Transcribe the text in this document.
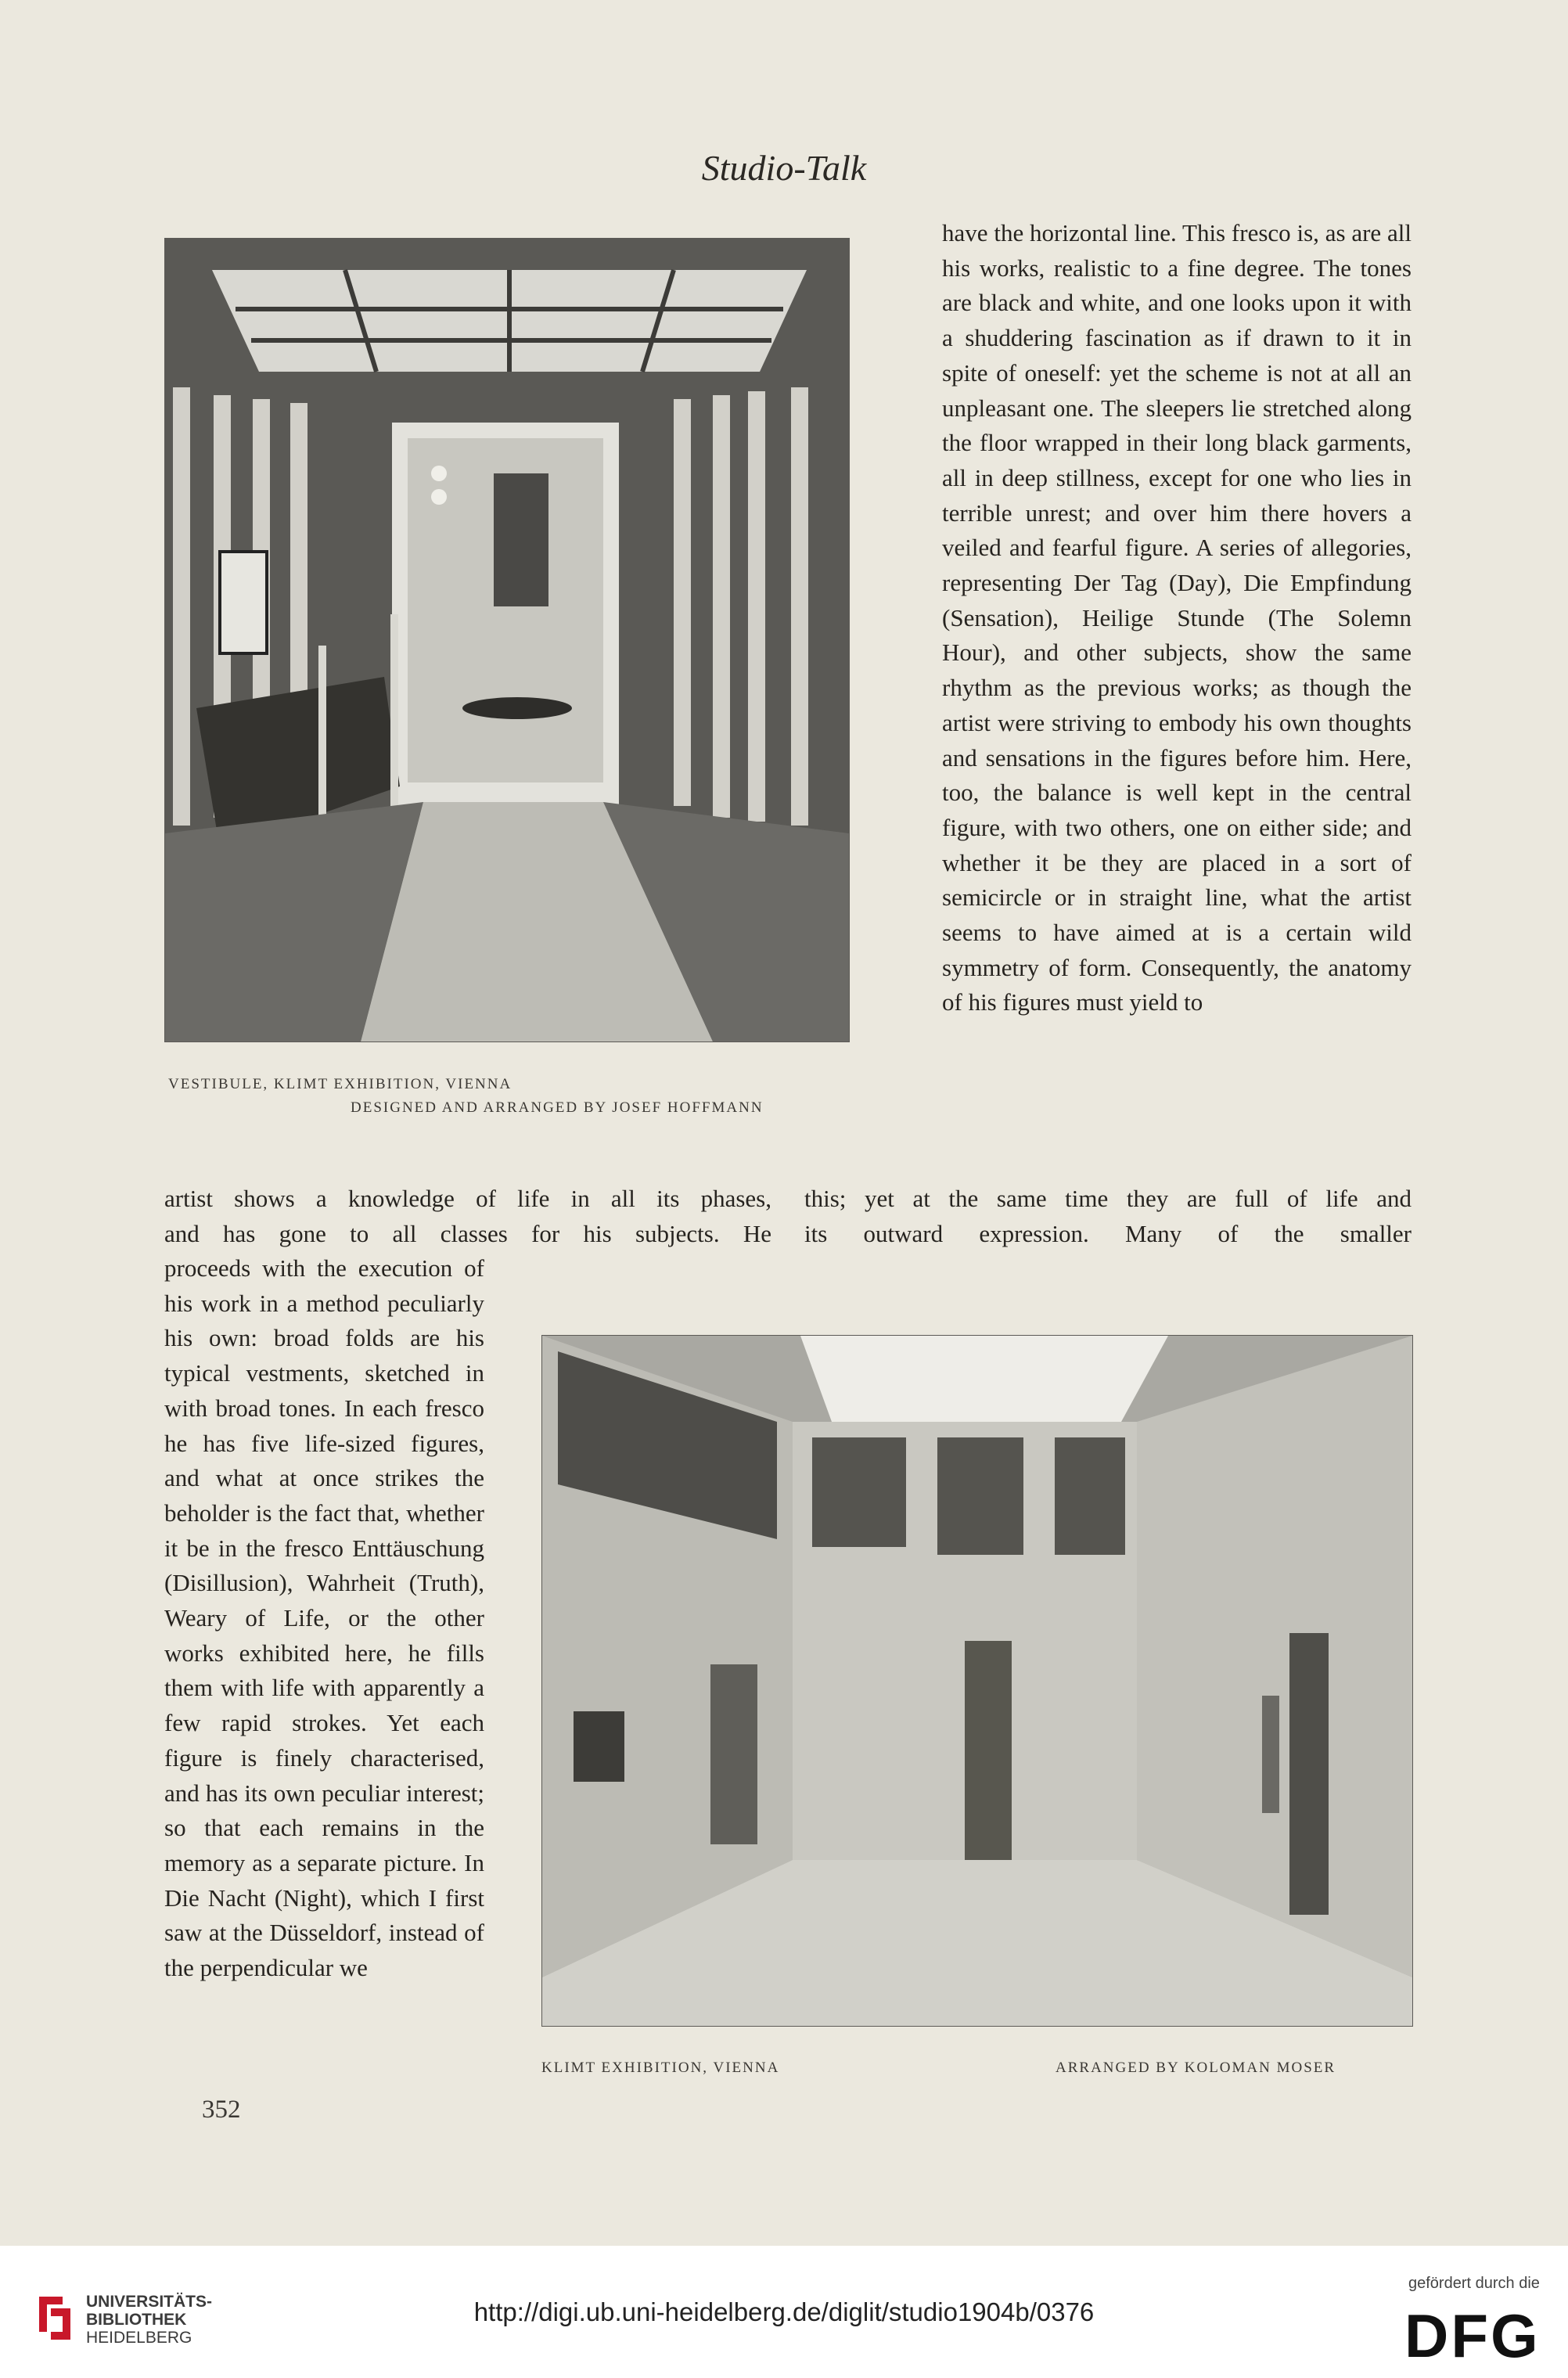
Studio-Talk
VESTIBULE, KLIMT EXHIBITION, VIENNA
DESIGNED AND ARRANGED BY JOSEF HOFFMANN

have the horizontal line. This fresco is, as are all his works, realistic to a fine degree. The tones are black and white, and one looks upon it with a shuddering fascination as if drawn to it in spite of oneself: yet the scheme is not at all an unpleasant one. The sleepers lie stretched along the floor wrapped in their long black garments, all in deep stillness, except for one who lies in terrible unrest; and over him there hovers a veiled and fearful figure. A series of allegories, representing Der Tag (Day), Die Empfindung (Sensation), Heilige Stunde (The Solemn Hour), and other subjects, show the same rhythm as the previous works; as though the artist were striving to embody his own thoughts and sensations in the figures before him. Here, too, the balance is well kept in the central figure, with two others, one on either side; and whether it be they are placed in a sort of semicircle or in straight line, what the artist seems to have aimed at is a certain wild symmetry of form. Consequently, the anatomy of his figures must yield to

artist shows a knowledge of life in all its phases, this; yet at the same time they are full of life and
and has gone to all classes for his subjects. He its outward expression. Many of the smaller

proceeds with the execution of his work in a method peculiarly his own: broad folds are his typical vestments, sketched in with broad tones. In each fresco he has five life-sized figures, and what at once strikes the beholder is the fact that, whether it be in the fresco Enttäuschung (Disillusion), Wahrheit (Truth), Weary of Life, or the other works exhibited here, he fills them with life with apparently a few rapid strokes. Yet each figure is finely characterised, and has its own peculiar interest; so that each remains in the memory as a separate picture. In Die Nacht (Night), which I first saw at the Düsseldorf, instead of the perpendicular we

KLIMT EXHIBITION, VIENNA	ARRANGED BY KOLOMAN MOSER
352
UNIVERSITÄTS-
BIBLIOTHEK
HEIDELBERG
http://digi.ub.uni-heidelberg.de/diglit/studio1904b/0376
gefördert durch die
DFG
